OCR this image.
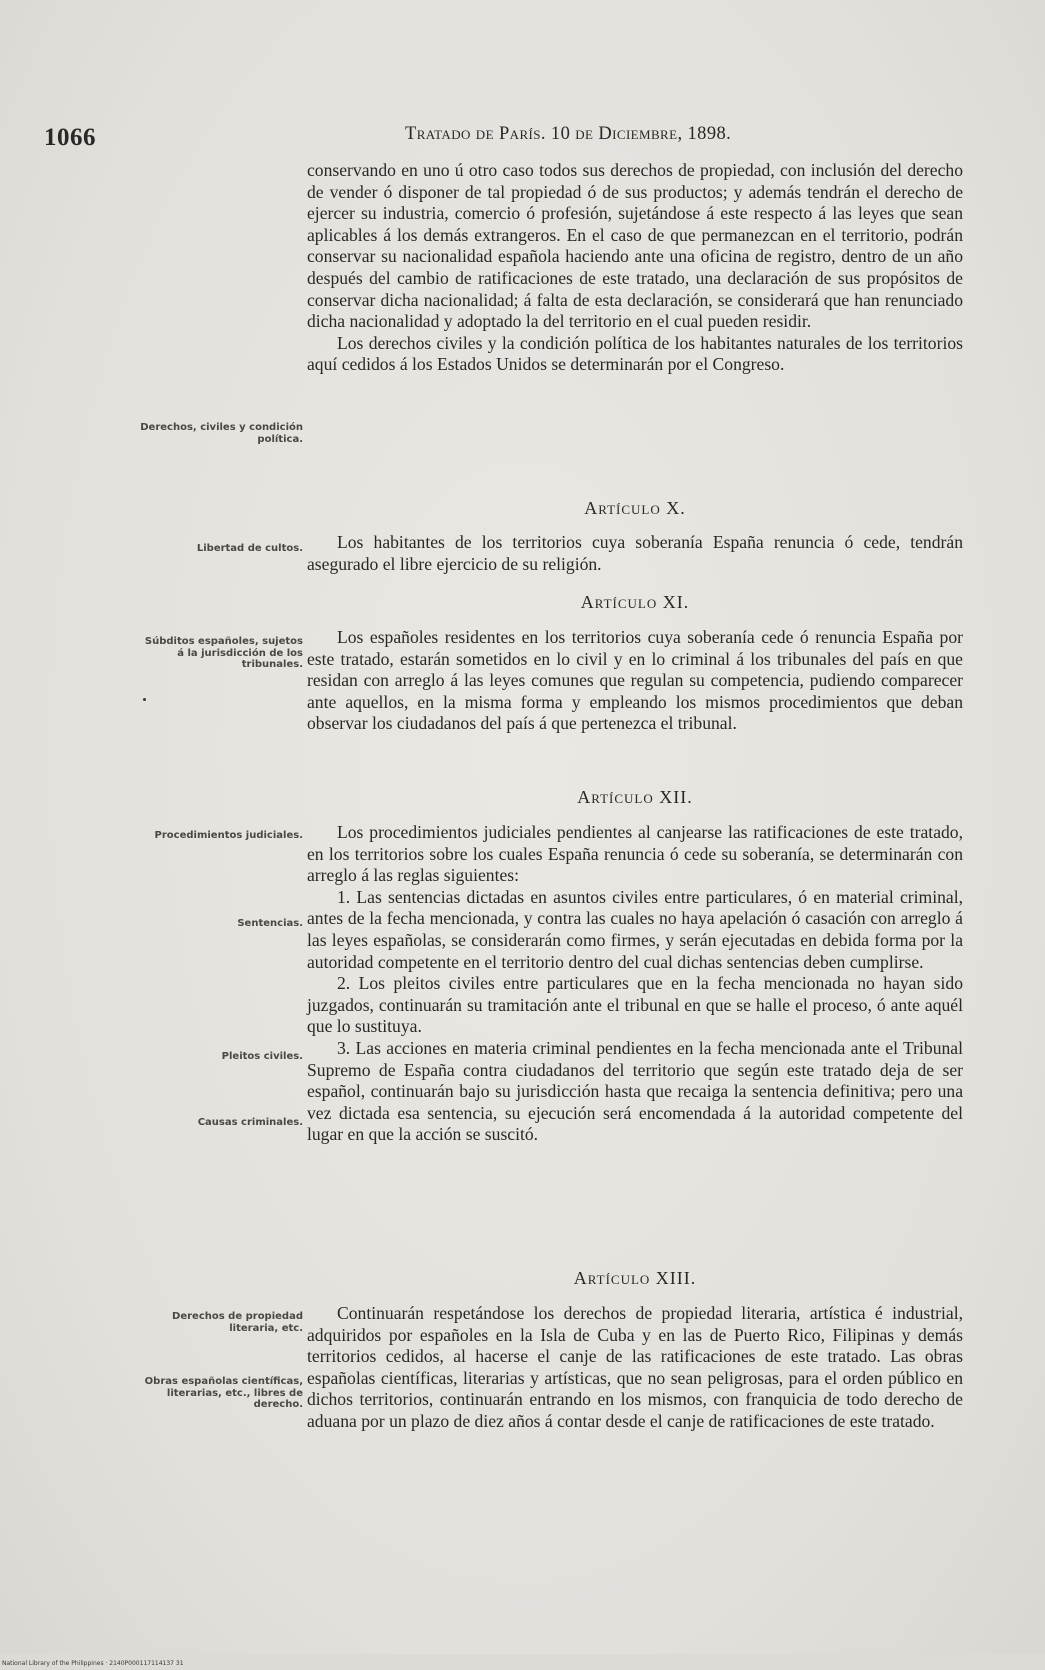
1066	Tratado de París. 10 de Diciembre, 1898.

conservando en uno ú otro caso todos sus derechos de propiedad, con inclusión del derecho de vender ó disponer de tal propiedad ó de sus productos; y además tendrán el derecho de ejercer su industria, comercio ó profesión, sujetándose á este respecto á las leyes que sean aplicables á los demás extrangeros. En el caso de que permanezcan en el territorio, podrán conservar su nacionalidad española haciendo ante una oficina de registro, dentro de un año después del cambio de ratificaciones de este tratado, una declaración de sus propósitos de conservar dicha nacionalidad; á falta de esta declaración, se considerará que han renunciado dicha nacionalidad y adoptado la del territorio en el cual pueden residir.

Los derechos civiles y la condición política de los habitantes naturales de los territorios aquí cedidos á los Estados Unidos se determinarán por el Congreso.

Artículo X.

Los habitantes de los territorios cuya soberanía España renuncia ó cede, tendrán asegurado el libre ejercicio de su religión.

Artículo XI.

Los españoles residentes en los territorios cuya soberanía cede ó renuncia España por este tratado, estarán sometidos en lo civil y en lo criminal á los tribunales del país en que residan con arreglo á las leyes comunes que regulan su competencia, pudiendo comparecer ante aquellos, en la misma forma y empleando los mismos procedimientos que deban observar los ciudadanos del país á que pertenezca el tribunal.

Artículo XII.

Los procedimientos judiciales pendientes al canjearse las ratificaciones de este tratado, en los territorios sobre los cuales España renuncia ó cede su soberanía, se determinarán con arreglo á las reglas siguientes:

1. Las sentencias dictadas en asuntos civiles entre particulares, ó en material criminal, antes de la fecha mencionada, y contra las cuales no haya apelación ó casación con arreglo á las leyes españolas, se considerarán como firmes, y serán ejecutadas en debida forma por la autoridad competente en el territorio dentro del cual dichas sentencias deben cumplirse.

2. Los pleitos civiles entre particulares que en la fecha mencionada no hayan sido juzgados, continuarán su tramitación ante el tribunal en que se halle el proceso, ó ante aquél que lo sustituya.

3. Las acciones en materia criminal pendientes en la fecha mencionada ante el Tribunal Supremo de España contra ciudadanos del territorio que según este tratado deja de ser español, continuarán bajo su jurisdicción hasta que recaiga la sentencia definitiva; pero una vez dictada esa sentencia, su ejecución será encomendada á la autoridad competente del lugar en que la acción se suscitó.

Artículo XIII.

Continuarán respetándose los derechos de propiedad literaria, artística é industrial, adquiridos por españoles en la Isla de Cuba y en las de Puerto Rico, Filipinas y demás territorios cedidos, al hacerse el canje de las ratificaciones de este tratado. Las obras españolas científicas, literarias y artísticas, que no sean peligrosas, para el orden público en dichos territorios, continuarán entrando en los mismos, con franquicia de todo derecho de aduana por un plazo de diez años á contar desde el canje de ratificaciones de este tratado.

Derechos, civiles y condición política.
Libertad de cultos.
Súbditos españoles, sujetos á la jurisdicción de los tribunales.
Procedimientos judiciales.
Sentencias.
Pleitos civiles.
Causas criminales.
Derechos de propiedad literaria, etc.
Obras españolas científicas, literarias, etc., libres de derecho.
National Library of the Philippines · 2140P000117114137 31
